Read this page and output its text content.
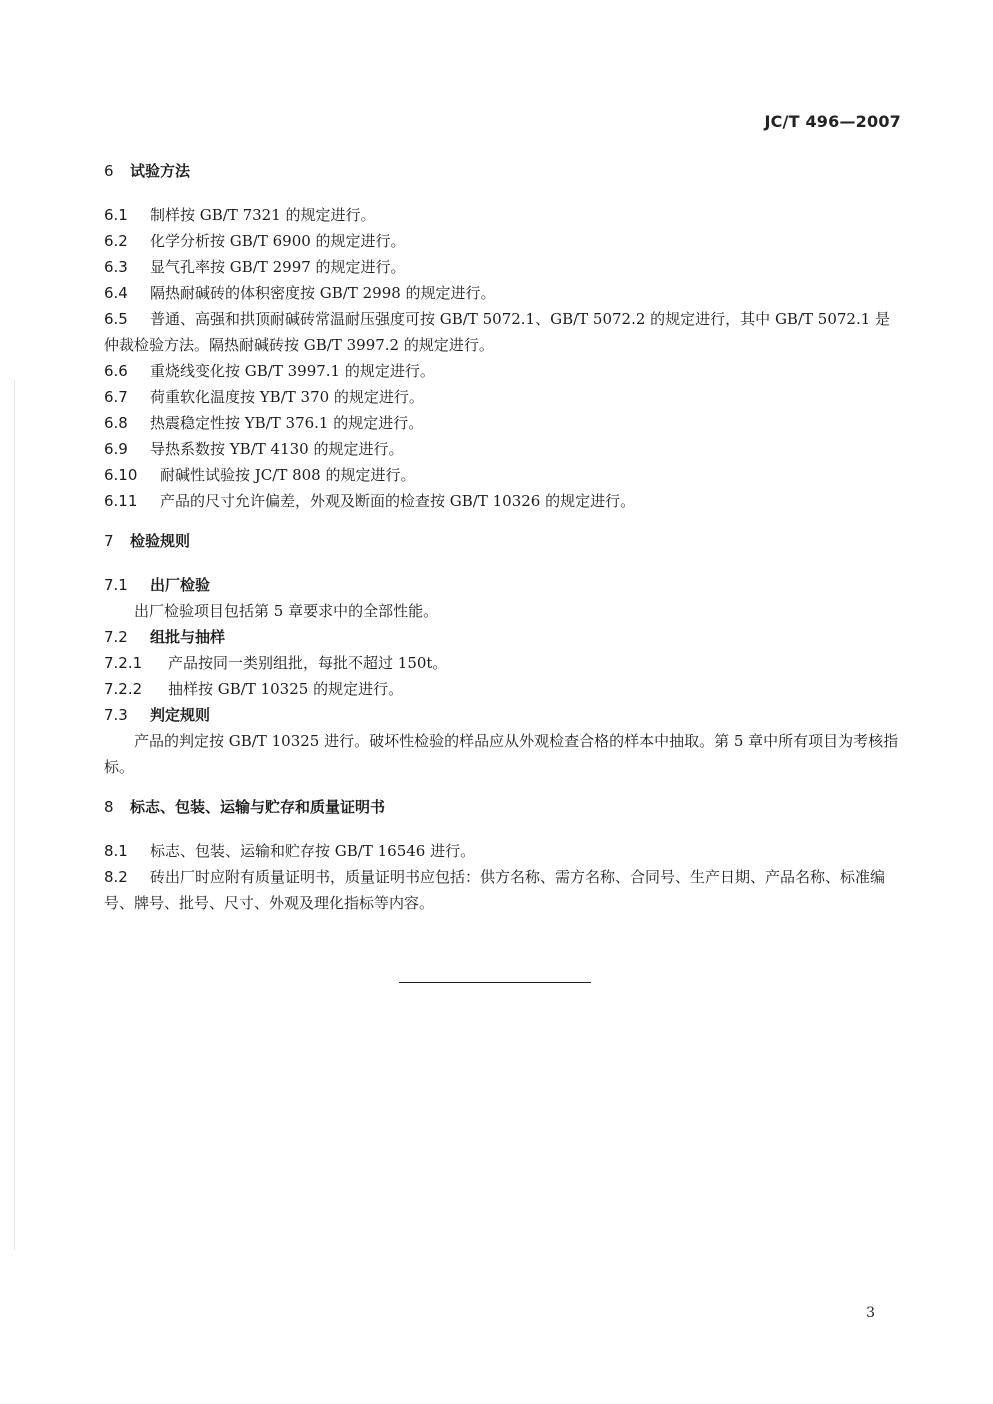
JC/T 496—2007
6	试验方法
6.1	制样按 GB/T 7321 的规定进行。
6.2	化学分析按 GB/T 6900 的规定进行。
6.3	显气孔率按 GB/T 2997 的规定进行。
6.4	隔热耐碱砖的体积密度按 GB/T 2998 的规定进行。
6.5 普通、高强和拱顶耐碱砖常温耐压强度可按 GB/T 5072.1、GB/T 5072.2 的规定进行，其中 GB/T 5072.1 是仲裁检验方法。隔热耐碱砖按 GB/T 3997.2 的规定进行。
6.6	重烧线变化按 GB/T 3997.1 的规定进行。
6.7	荷重软化温度按 YB/T 370 的规定进行。
6.8	热震稳定性按 YB/T 376.1 的规定进行。
6.9	导热系数按 YB/T 4130 的规定进行。
6.10	耐碱性试验按 JC/T 808 的规定进行。
6.11	产品的尺寸允许偏差，外观及断面的检查按 GB/T 10326 的规定进行。
7	检验规则
7.1	出厂检验
出厂检验项目包括第 5 章要求中的全部性能。
7.2	组批与抽样
7.2.1	产品按同一类别组批，每批不超过 150t。
7.2.2	抽样按 GB/T 10325 的规定进行。
7.3	判定规则
产品的判定按 GB/T 10325 进行。破坏性检验的样品应从外观检查合格的样本中抽取。第 5 章中所有项目为考核指标。
8	标志、包装、运输与贮存和质量证明书
8.1	标志、包装、运输和贮存按 GB/T 16546 进行。
8.2 砖出厂时应附有质量证明书，质量证明书应包括：供方名称、需方名称、合同号、生产日期、产品名称、标准编号、牌号、批号、尺寸、外观及理化指标等内容。
3
